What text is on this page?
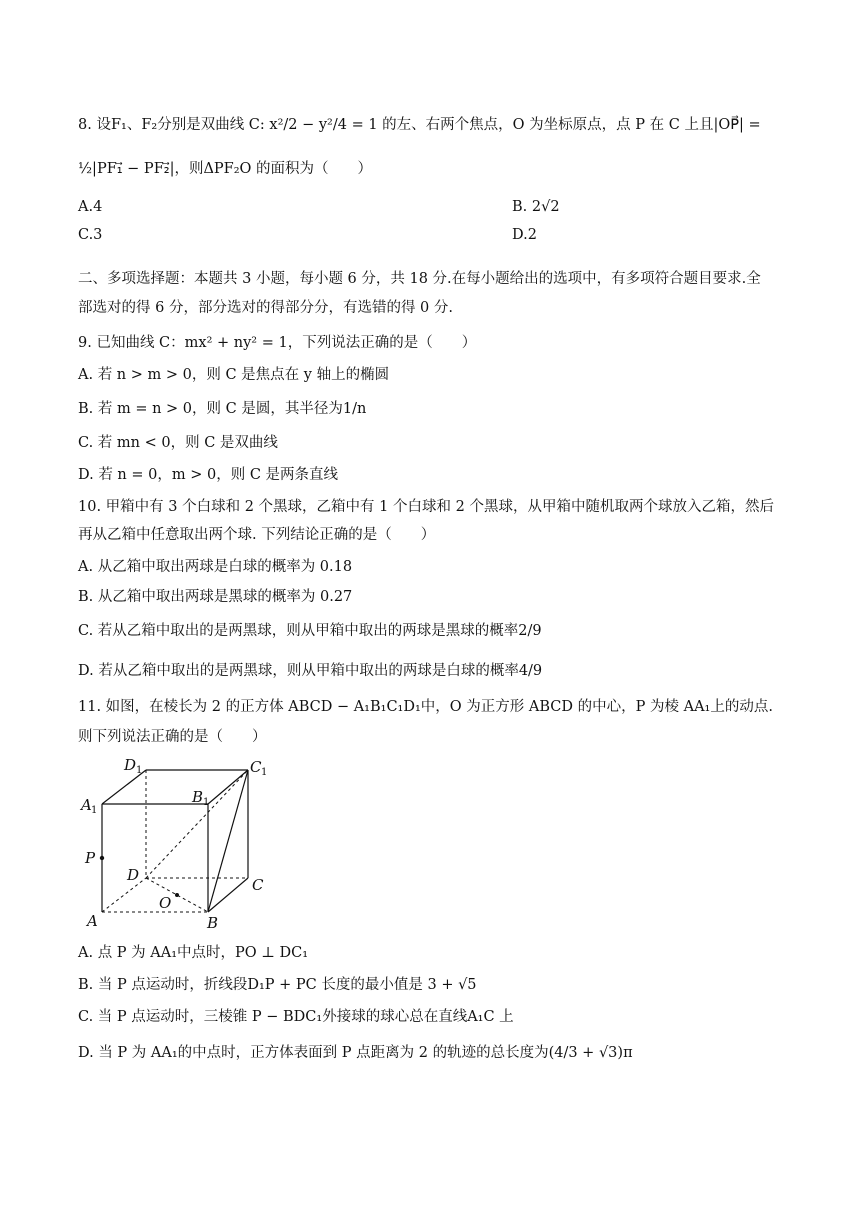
8. 设F₁、F₂分别是双曲线 C: x²/2 − y²/4 = 1 的左、右两个焦点，O 为坐标原点，点 P 在 C 上且|OP⃗| =
½|PF₁⃗ − PF₂⃗|，则ΔPF₂O 的面积为（　　）
A.4	B. 2√2
C.3	D.2
二、多项选择题：本题共 3 小题，每小题 6 分，共 18 分.在每小题给出的选项中，有多项符合题目要求.全
部选对的得 6 分，部分选对的得部分分，有选错的得 0 分.
9. 已知曲线 C：mx² + ny² = 1，下列说法正确的是（　　）
A. 若 n > m > 0，则 C 是焦点在 y 轴上的椭圆
B. 若 m = n > 0，则 C 是圆，其半径为1/n
C. 若 mn < 0，则 C 是双曲线
D. 若 n = 0，m > 0，则 C 是两条直线
10. 甲箱中有 3 个白球和 2 个黑球，乙箱中有 1 个白球和 2 个黑球，从甲箱中随机取两个球放入乙箱，然后
再从乙箱中任意取出两个球. 下列结论正确的是（　　）
A. 从乙箱中取出两球是白球的概率为 0.18
B. 从乙箱中取出两球是黑球的概率为 0.27
C. 若从乙箱中取出的是两黑球，则从甲箱中取出的两球是黑球的概率2/9
D. 若从乙箱中取出的是两黑球，则从甲箱中取出的两球是白球的概率4/9
11. 如图，在棱长为 2 的正方体 ABCD − A₁B₁C₁D₁中，O 为正方形 ABCD 的中心，P 为棱 AA₁上的动点.
则下列说法正确的是（　　）
D 1	C 1
A 1
B 1
P
D
C
O
A	B
A. 点 P 为 AA₁中点时，PO ⊥ DC₁
B. 当 P 点运动时，折线段D₁P + PC 长度的最小值是 3 + √5
C. 当 P 点运动时，三棱锥 P − BDC₁外接球的球心总在直线A₁C 上
D. 当 P 为 AA₁的中点时，正方体表面到 P 点距离为 2 的轨迹的总长度为(4/3 + √3)π
